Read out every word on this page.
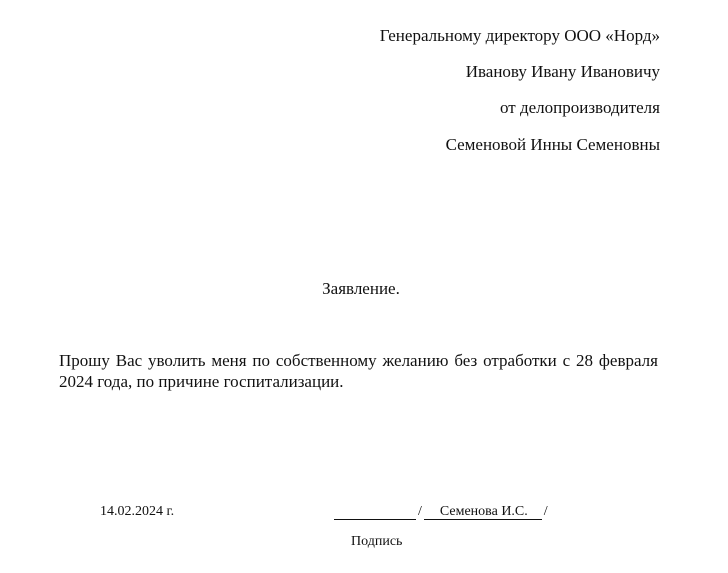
Генеральному директору ООО «Норд»
Иванову Ивану Ивановичу
от делопроизводителя
Семеновой Инны Семеновны
Заявление.
Прошу Вас уволить меня по собственному желанию без отработки с 28 февраля 2024 года, по причине госпитализации.
14.02.2024 г.	/ Семенова И.С. /
Подпись
